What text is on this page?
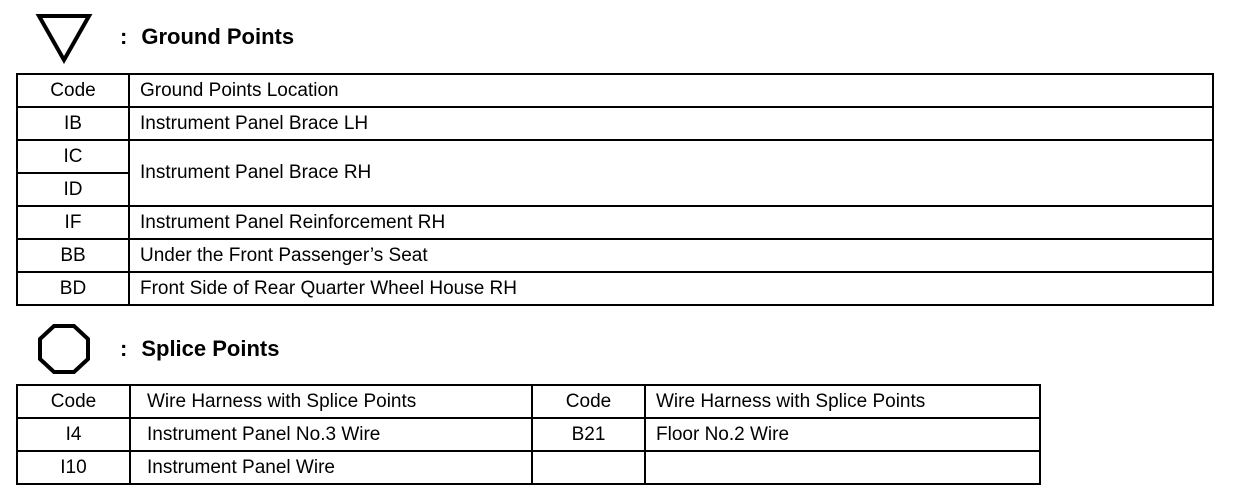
: Ground Points
Code	Ground Points Location
IB	Instrument Panel Brace LH
IC	Instrument Panel Brace RH
ID	
IF	Instrument Panel Reinforcement RH
BB	Under the Front Passenger’s Seat
BD	Front Side of Rear Quarter Wheel House RH
: Splice Points
Code	Wire Harness with Splice Points	Code	Wire Harness with Splice Points
I4	Instrument Panel No.3 Wire	B21	Floor No.2 Wire
I10	Instrument Panel Wire		
